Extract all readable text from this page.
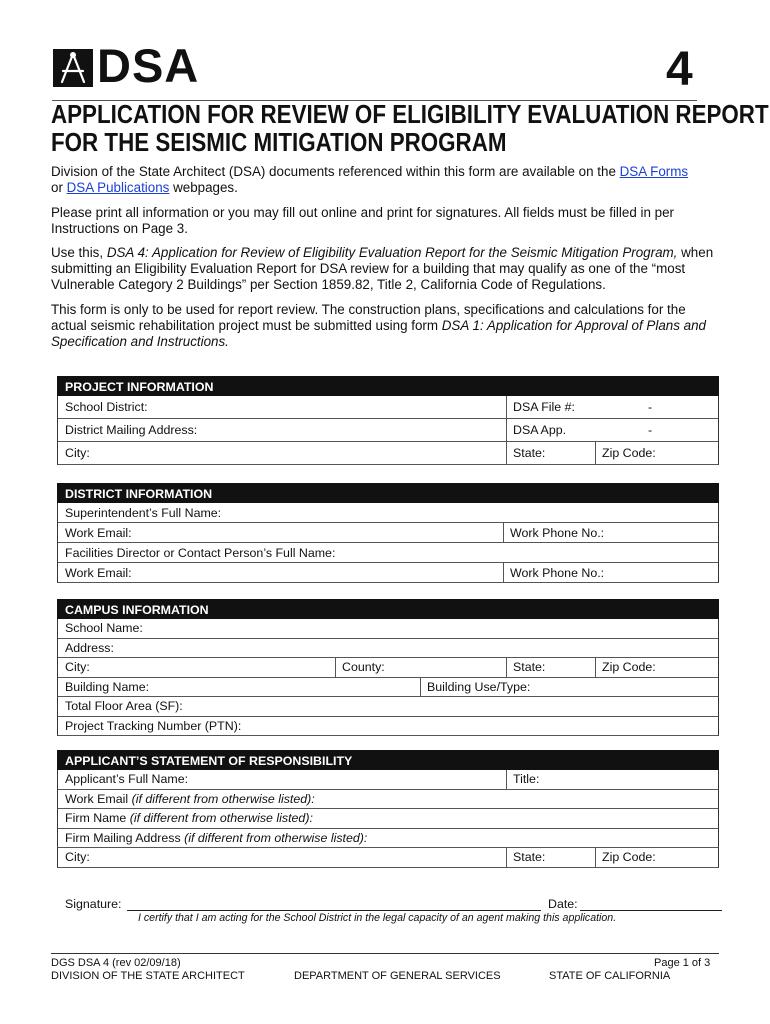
DSA	4
APPLICATION FOR REVIEW OF ELIGIBILITY EVALUATION REPORT
FOR THE SEISMIC MITIGATION PROGRAM
Division of the State Architect (DSA) documents referenced within this form are available on the DSA Forms
or DSA Publications webpages.
Please print all information or you may fill out online and print for signatures. All fields must be filled in per Instructions on Page 3.
Use this, DSA 4: Application for Review of Eligibility Evaluation Report for the Seismic Mitigation Program, when submitting an Eligibility Evaluation Report for DSA review for a building that may qualify as one of the “most Vulnerable Category 2 Buildings” per Section 1859.82, Title 2, California Code of Regulations.
This form is only to be used for report review. The construction plans, specifications and calculations for the actual seismic rehabilitation project must be submitted using form DSA 1: Application for Approval of Plans and Specification and Instructions.
PROJECT INFORMATION
School District:	DSA File #:	-
District Mailing Address:	DSA App.	-
City:	State:	Zip Code:
DISTRICT INFORMATION
Superintendent’s Full Name:
Work Email:	Work Phone No.:
Facilities Director or Contact Person’s Full Name:
Work Email:	Work Phone No.:
CAMPUS INFORMATION
School Name:
Address:
City:	County:	State:	Zip Code:
Building Name:	Building Use/Type:
Total Floor Area (SF):
Project Tracking Number (PTN):
APPLICANT’S STATEMENT OF RESPONSIBILITY
Applicant’s Full Name:	Title:
Work Email
(if different from otherwise listed):
Firm Name
(if different from otherwise listed):
Firm Mailing Address
(if different from otherwise listed):
City:	State:	Zip Code:
Signature:	Date:
I certify that I am acting for the School District in the legal capacity of an agent making this application.
DGS DSA 4 (rev 02/09/18)	Page 1 of 3
DIVISION OF THE STATE ARCHITECT	DEPARTMENT OF GENERAL SERVICES	STATE OF CALIFORNIA
